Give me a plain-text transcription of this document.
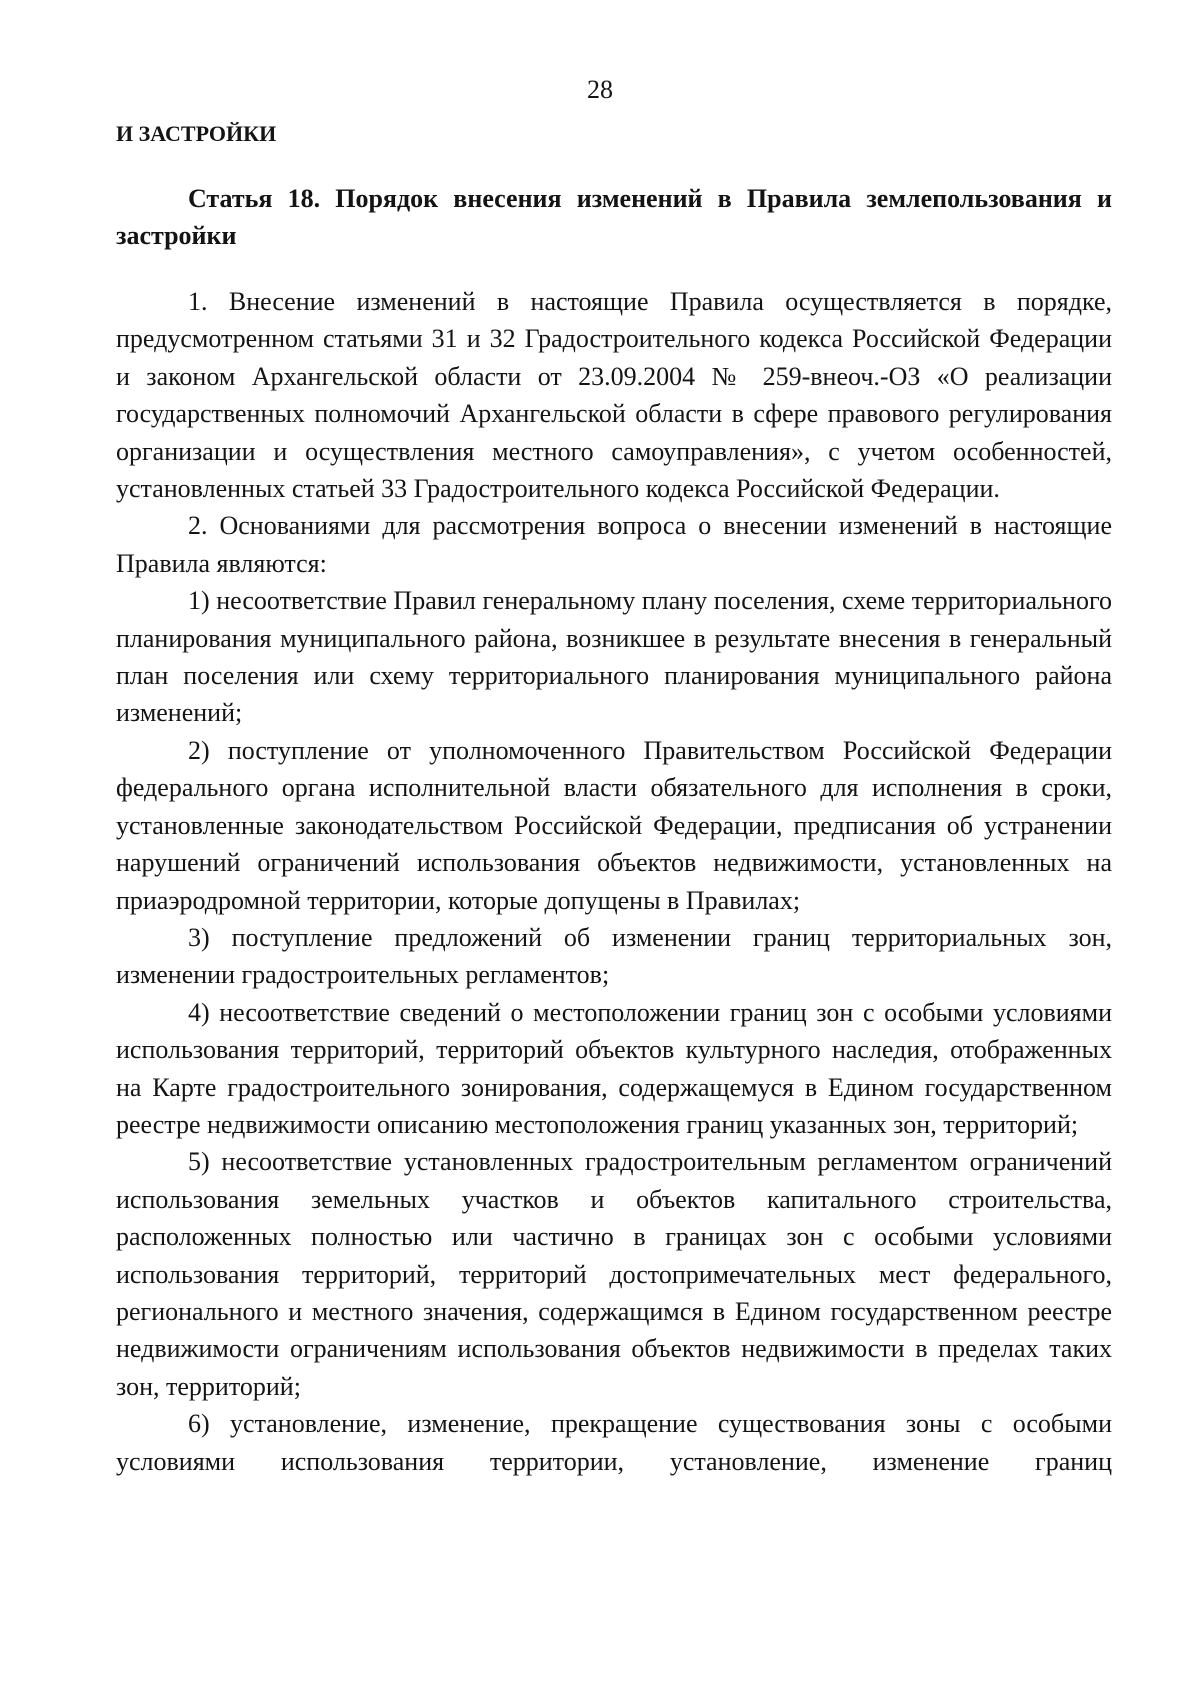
28

И ЗАСТРОЙКИ

Статья 18. Порядок внесения изменений в Правила землепользования и застройки

1. Внесение изменений в настоящие Правила осуществляется в порядке, предусмотренном статьями 31 и 32 Градостроительного кодекса Российской Федерации и законом Архангельской области от 23.09.2004 № 259-внеоч.-ОЗ «О реализации государственных полномочий Архангельской области в сфере правового регулирования организации и осуществления местного самоуправления», с учетом особенностей, установленных статьей 33 Градостроительного кодекса Российской Федерации.

2. Основаниями для рассмотрения вопроса о внесении изменений в настоящие Правила являются:

1) несоответствие Правил генеральному плану поселения, схеме территориального планирования муниципального района, возникшее в результате внесения в генеральный план поселения или схему территориального планирования муниципального района изменений;

2) поступление от уполномоченного Правительством Российской Федерации федерального органа исполнительной власти обязательного для исполнения в сроки, установленные законодательством Российской Федерации, предписания об устранении нарушений ограничений использования объектов недвижимости, установленных на приаэродромной территории, которые допущены в Правилах;

3) поступление предложений об изменении границ территориальных зон, изменении градостроительных регламентов;

4) несоответствие сведений о местоположении границ зон с особыми условиями использования территорий, территорий объектов культурного наследия, отображенных на Карте градостроительного зонирования, содержащемуся в Едином государственном реестре недвижимости описанию местоположения границ указанных зон, территорий;

5) несоответствие установленных градостроительным регламентом ограничений использования земельных участков и объектов капитального строительства, расположенных полностью или частично в границах зон с особыми условиями использования территорий, территорий достопримечательных мест федерального, регионального и местного значения, содержащимся в Едином государственном реестре недвижимости ограничениям использования объектов недвижимости в пределах таких зон, территорий;

6) установление, изменение, прекращение существования зоны с особыми условиями использования территории, установление, изменение границ
